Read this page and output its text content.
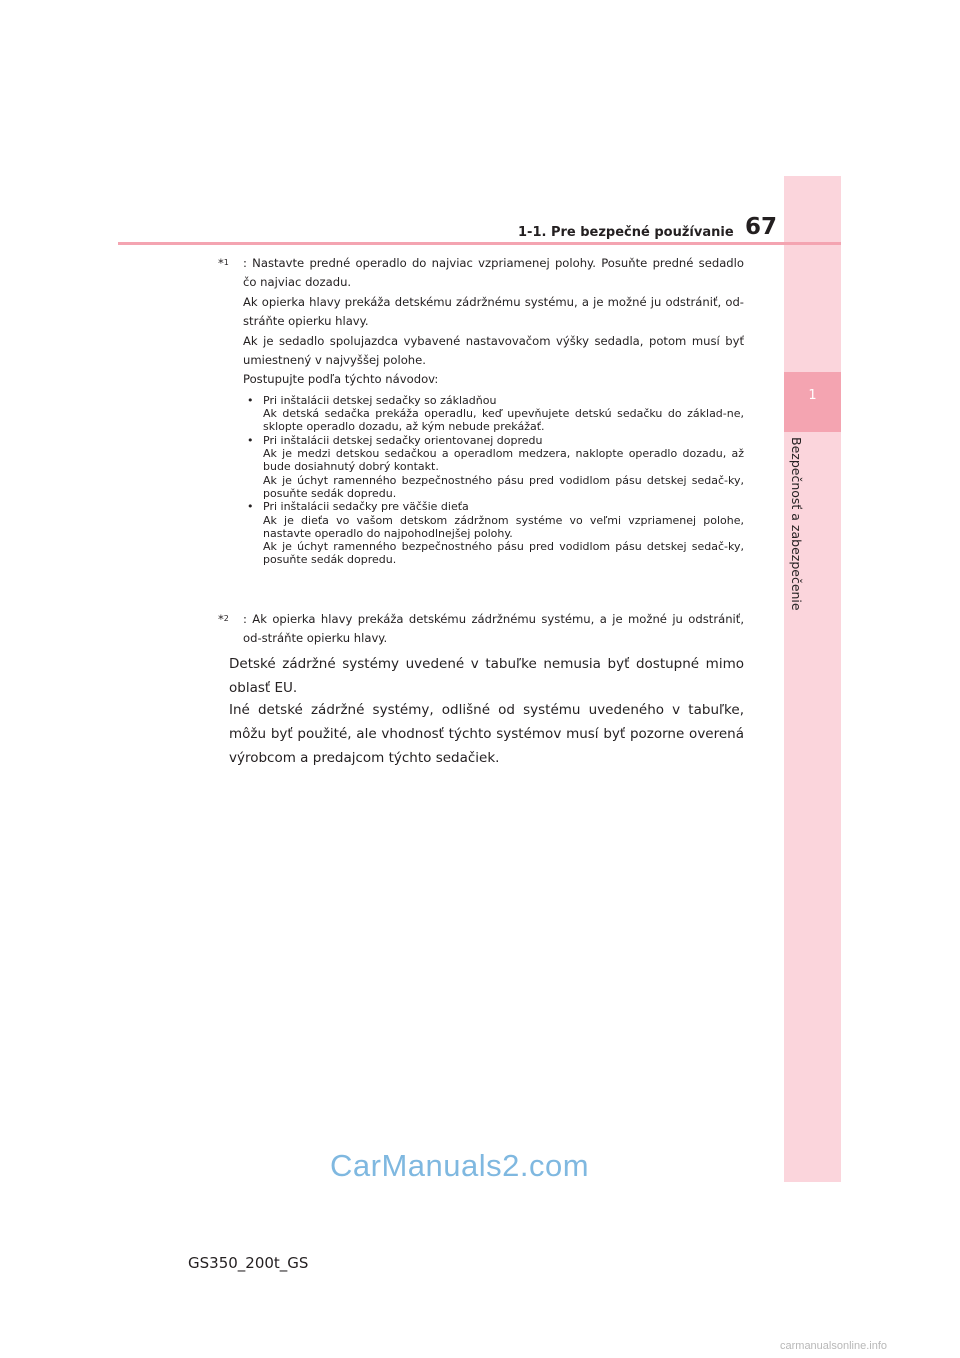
1
Bezpečnosť a zabezpečenie
1-1. Pre bezpečné používanie 67
*$^1$ : Nastavte predné operadlo do najviac vzpriamenej polohy. Posuňte predné sedadlo čo najviac dozadu.

Ak opierka hlavy prekáža detskému zádržnému systému, a je možné ju odstrániť, od-stráňte opierku hlavy.

Ak je sedadlo spolujazdca vybavené nastavovačom výšky sedadla, potom musí byť umiestnený v najvyššej polohe.

Postupujte podľa týchto návodov:

• Pri inštalácii detskej sedačky so základňou
Ak detská sedačka prekáža operadlu, keď upevňujete detskú sedačku do základ-ne, sklopte operadlo dozadu, až kým nebude prekážať.
• Pri inštalácii detskej sedačky orientovanej dopredu
Ak je medzi detskou sedačkou a operadlom medzera, naklopte operadlo dozadu, až bude dosiahnutý dobrý kontakt.
Ak je úchyt ramenného bezpečnostného pásu pred vodidlom pásu detskej sedač-ky, posuňte sedák dopredu.
• Pri inštalácii sedačky pre väčšie dieťa
Ak je dieťa vo vašom detskom zádržnom systéme vo veľmi vzpriamenej polohe, nastavte operadlo do najpohodlnejšej polohy.
Ak je úchyt ramenného bezpečnostného pásu pred vodidlom pásu detskej sedač-ky, posuňte sedák dopredu.
*$^2$ : Ak opierka hlavy prekáža detskému zádržnému systému, a je možné ju odstrániť, od-stráňte opierku hlavy.

Detské zádržné systémy uvedené v tabuľke nemusia byť dostupné mimo oblasť EU.
Iné detské zádržné systémy, odlišné od systému uvedeného v tabuľke, môžu byť použité, ale vhodnosť týchto systémov musí byť pozorne overená výrobcom a predajcom týchto sedačiek.
CarManuals2.com
carmanualsonline.info
GS350_200t_GS
